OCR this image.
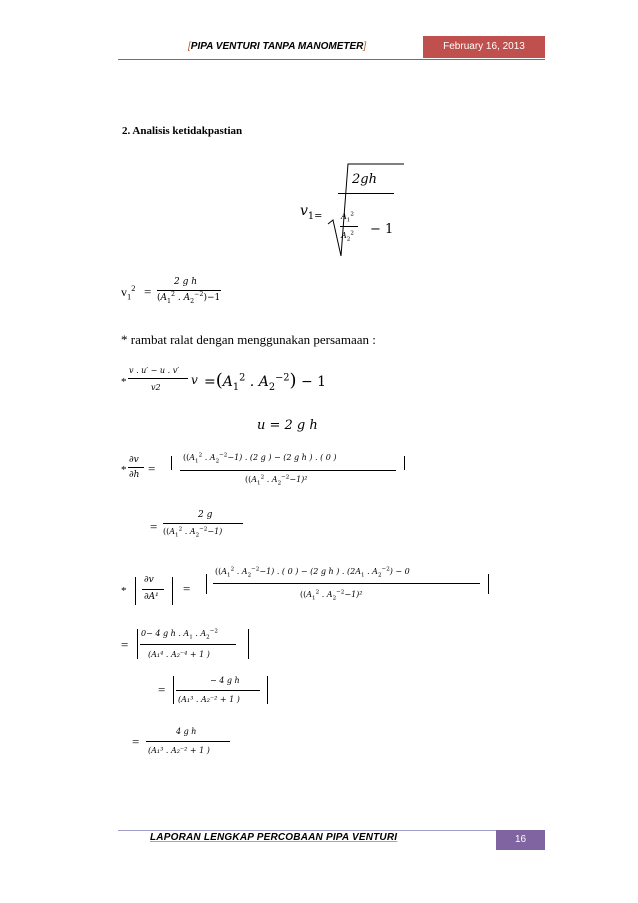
[PIPA VENTURI TANPA MANOMETER]	February 16, 2013
2. Analisis ketidakpastian
$v_{1=}$
2gh
$A_1^2$
$A_2^2 - 1$
$v_1^2$ =
2 g h
($A_1^2$ . $A_2^{-2})-1$
* rambat ralat dengan menggunakan persamaan :
*
v . u′ − u . v′
v2
$v =(A_1^2$ . $A_2^{-2}) - 1$
u = 2 g h
*
∂v
∂h =
(($A_1^2$ . $A_2^{-2}-1$) . (2 g ) − (2 g h ) . ( 0 )
(($A_1^2$ . $A_2^{-2}-1)^2$
=
2 g
(($A_1^2$ . $A_2^{-2}-1$)
*
∂v
∂A¹
=
(($A_1^2$ . $A_2^{-2}-1$) . ( 0 ) − (2 g h ) . ($2A_1$ . $A_2^{-2}) - 0$
(($A_1^2$ . $A_2^{-2}-1)^2$
=
0− 4 g h . $A_1$ . $A_2^{-2}$
(A₁⁴ . A₂⁻⁴ + 1 )
=
− 4 g h
(A₁³ . A₂⁻² + 1 )
=
4 g h
(A₁³ . A₂⁻² + 1 )
LAPORAN LENGKAP PERCOBAAN PIPA VENTURI	16
